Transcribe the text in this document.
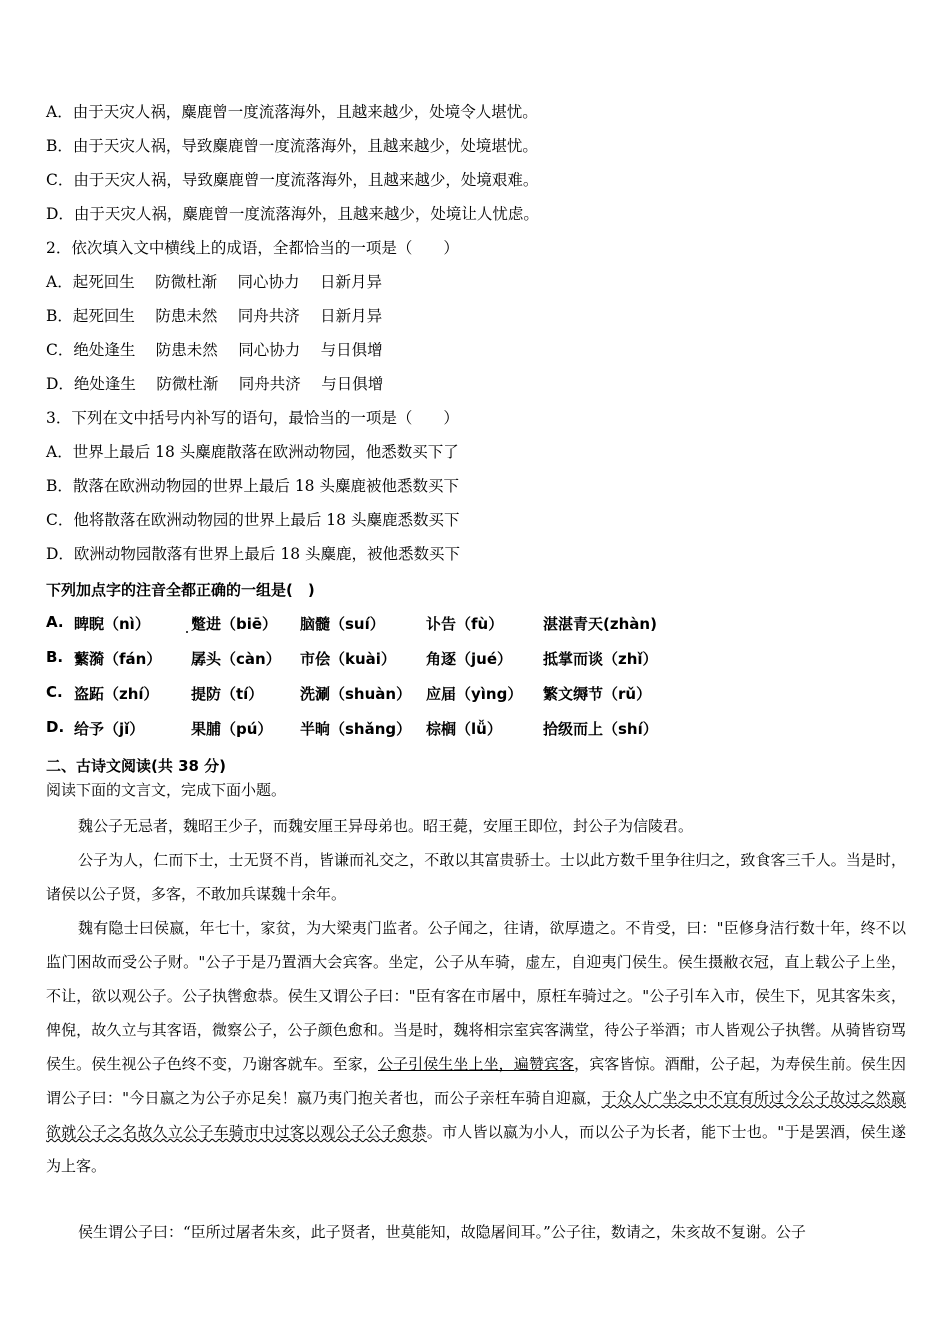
A．由于天灾人祸，麋鹿曾一度流落海外，且越来越少，处境令人堪忧。
B．由于天灾人祸，导致麋鹿曾一度流落海外，且越来越少，处境堪忧。
C．由于天灾人祸，导致麋鹿曾一度流落海外，且越来越少，处境艰难。
D．由于天灾人祸，麋鹿曾一度流落海外，且越来越少，处境让人忧虑。
2．依次填入文中横线上的成语，全都恰当的一项是（　　）
A．起死回生　 防微杜渐　 同心协力　 日新月异
B．起死回生　 防患未然　 同舟共济　 日新月异
C．绝处逢生　 防患未然　 同心协力　 与日俱增
D．绝处逢生　 防微杜渐　 同舟共济　 与日俱增
3．下列在文中括号内补写的语句，最恰当的一项是（　　）
A．世界上最后 18 头麋鹿散落在欧洲动物园，他悉数买下了
B．散落在欧洲动物园的世界上最后 18 头麋鹿被他悉数买下
C．他将散落在欧洲动物园的世界上最后 18 头麋鹿悉数买下
D．欧洲动物园散落有世界上最后 18 头麋鹿，被他悉数买下
下列加点字的注音全都正确的一组是(　)
A. 睥睨（nì）	蹩进（biē） 脑髓（suí）	讣告（fù）	湛湛青天(zhàn)
B. 蘩漪（fán） 孱头（càn） 市侩（kuài） 角逐（jué） 抵掌而谈（zhǐ）
C. 盗跖（zhí） 提防（tí） 洗涮（shuàn） 应届（yìng） 繁文缛节（rǔ）
D. 给予（jǐ）	果脯（pú） 半晌（shǎng） 棕榈（lǚ）	拾级而上（shí）
二、古诗文阅读(共 38 分)
阅读下面的文言文，完成下面小题。
魏公子无忌者，魏昭王少子，而魏安厘王异母弟也。昭王薨，安厘王即位，封公子为信陵君。
公子为人，仁而下士，士无贤不肖，皆谦而礼交之，不敢以其富贵骄士。士以此方数千里争往归之，致食客三千人。当是时，诸侯以公子贤，多客，不敢加兵谋魏十余年。
魏有隐士曰侯嬴，年七十，家贫，为大梁夷门监者。公子闻之，往请，欲厚遗之。不肯受，曰："臣修身洁行数十年，终不以监门困故而受公子财。"公子于是乃置酒大会宾客。坐定，公子从车骑，虚左，自迎夷门侯生。侯生摄敝衣冠，直上载公子上坐，不让，欲以观公子。公子执辔愈恭。侯生又谓公子曰："臣有客在市屠中，原枉车骑过之。"公子引车入市，侯生下，见其客朱亥，俾倪，故久立与其客语，微察公子，公子颜色愈和。当是时，魏将相宗室宾客满堂，待公子举酒；市人皆观公子执辔。从骑皆窃骂侯生。侯生视公子色终不变，乃谢客就车。至家，公子引侯生坐上坐，遍赞宾客，宾客皆惊。酒酣，公子起，为寿侯生前。侯生因谓公子曰："今日嬴之为公子亦足矣！嬴乃夷门抱关者也，而公子亲枉车骑自迎嬴，于众人广坐之中不宜有所过今公子故过之然嬴欲就公子之名故久立公子车骑市中过客以观公子公子愈恭。市人皆以嬴为小人，而以公子为长者，能下士也。"于是罢酒，侯生遂为上客。
侯生谓公子曰：“臣所过屠者朱亥，此子贤者，世莫能知，故隐屠间耳。”公子往，数请之，朱亥故不复谢。公子
